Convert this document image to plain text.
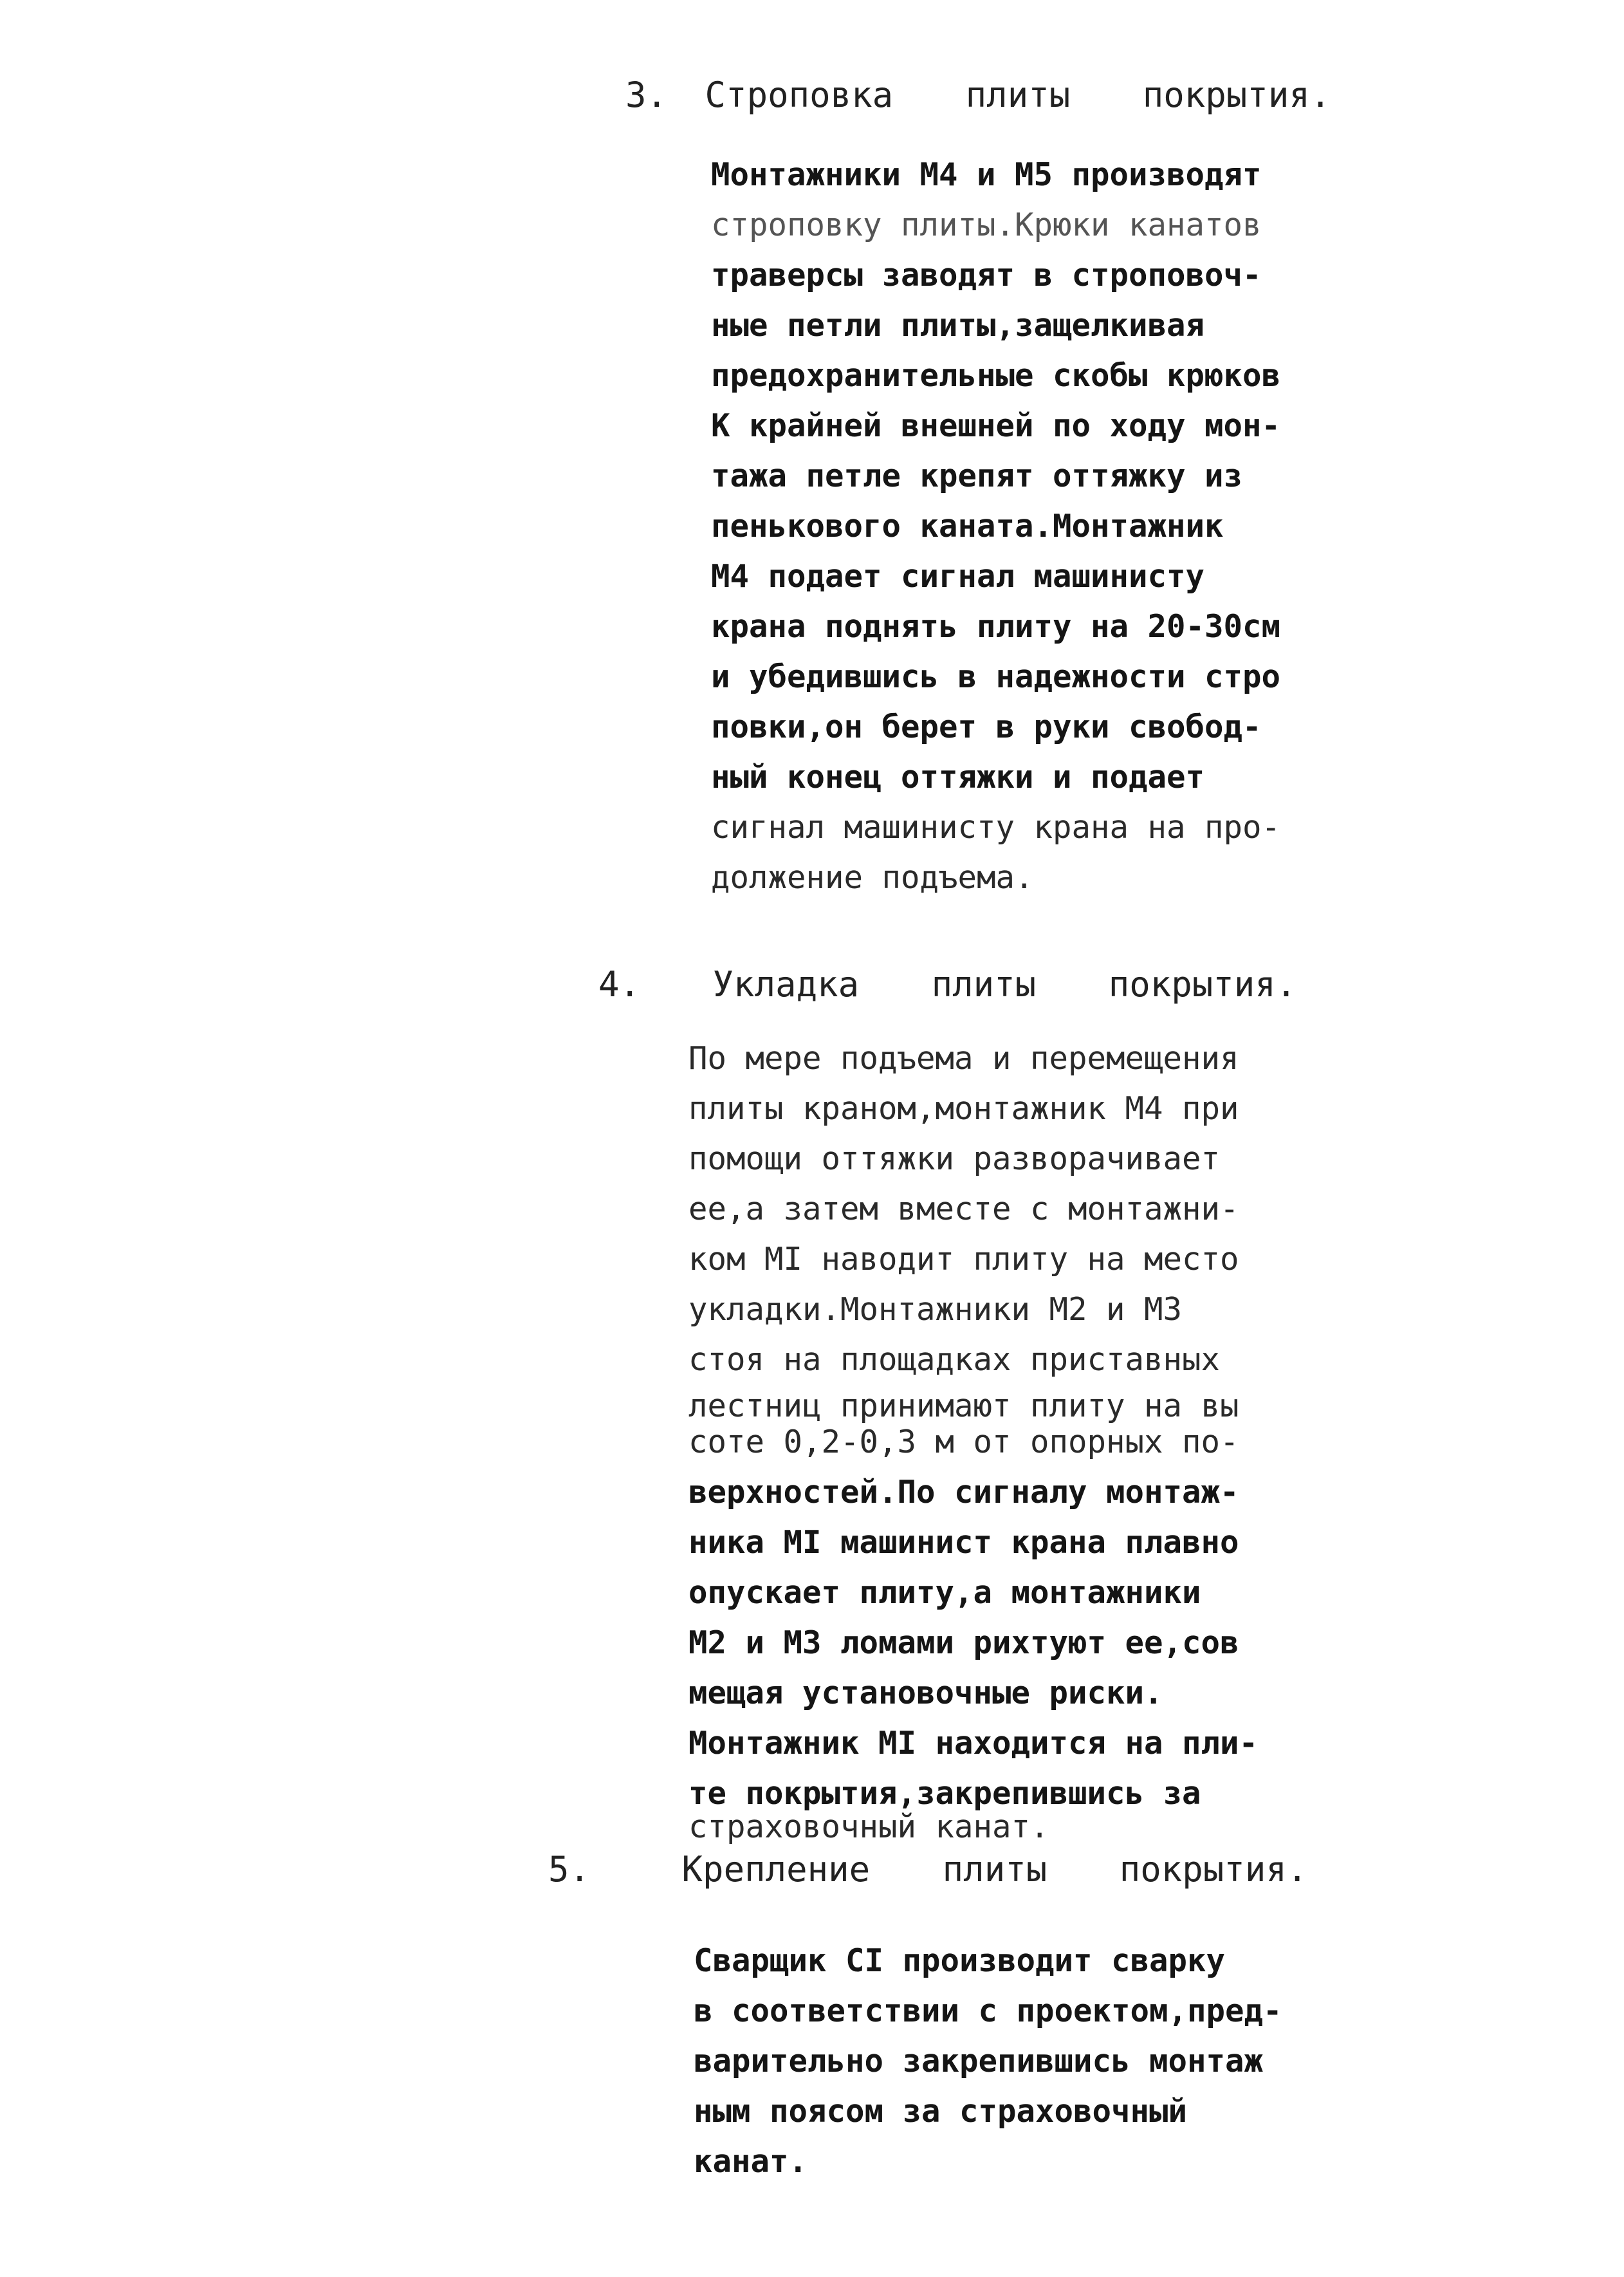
3. Строповка плиты покрытия.
Монтажники М4 и М5 производят
строповку плиты.Крюки канатов
траверсы заводят в строповоч-
ные петли плиты,защелкивая
предохранительные скобы крюков
К крайней внешней по ходу мон-
тажа петле крепят оттяжку из
пенькового каната.Монтажник
М4 подает сигнал машинисту
крана поднять плиту на 20-30см
и убедившись в надежности стро
повки,он берет в руки свобод-
ный конец оттяжки и подает
сигнал машинисту крана на про-
должение подъема.
4. Укладка плиты покрытия.
По мере подъема и перемещения
плиты краном,монтажник М4 при
помощи оттяжки разворачивает
ее,а затем вместе с монтажни-
ком МI наводит плиту на место
укладки.Монтажники М2 и М3
стоя на площадках приставных
лестниц принимают плиту на вы
соте 0,2-0,3 м от опорных по-
верхностей.По сигналу монтаж-
ника МI машинист крана плавно
опускает плиту,а монтажники
М2 и М3 ломами рихтуют ее,сов
мещая установочные риски.
Монтажник МI находится на пли-
те покрытия,закрепившись за
страховочный канат.
5.	Крепление плиты покрытия.
Сварщик СI производит сварку
в соответствии с проектом,пред-
варительно закрепившись монтаж
ным поясом за страховочный
канат.
